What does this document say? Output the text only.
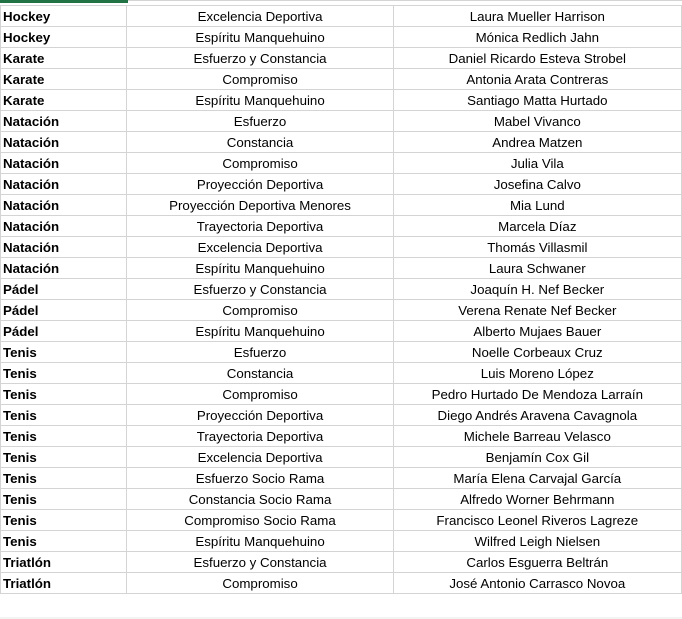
Hockey	Excelencia Deportiva	Laura Mueller Harrison
Hockey	Espíritu Manquehuino	Mónica Redlich Jahn
Karate	Esfuerzo y Constancia	Daniel Ricardo Esteva Strobel
Karate	Compromiso	Antonia Arata Contreras
Karate	Espíritu Manquehuino	Santiago Matta Hurtado
Natación	Esfuerzo	Mabel Vivanco
Natación	Constancia	Andrea Matzen
Natación	Compromiso	Julia Vila
Natación	Proyección Deportiva	Josefina Calvo
Natación	Proyección Deportiva Menores	Mia Lund
Natación	Trayectoria Deportiva	Marcela Díaz
Natación	Excelencia Deportiva	Thomás Villasmil
Natación	Espíritu Manquehuino	Laura Schwaner
Pádel	Esfuerzo y Constancia	Joaquín H. Nef Becker
Pádel	Compromiso	Verena Renate Nef Becker
Pádel	Espíritu Manquehuino	Alberto Mujaes Bauer
Tenis	Esfuerzo	Noelle Corbeaux Cruz
Tenis	Constancia	Luis Moreno López
Tenis	Compromiso	Pedro Hurtado De Mendoza Larraín
Tenis	Proyección Deportiva	Diego Andrés Aravena Cavagnola
Tenis	Trayectoria Deportiva	Michele Barreau Velasco
Tenis	Excelencia Deportiva	Benjamín Cox Gil
Tenis	Esfuerzo Socio Rama	María Elena Carvajal García
Tenis	Constancia Socio Rama	Alfredo Worner Behrmann
Tenis	Compromiso Socio Rama	Francisco Leonel Riveros Lagreze
Tenis	Espíritu Manquehuino	Wilfred Leigh Nielsen
Triatlón	Esfuerzo y Constancia	Carlos Esguerra Beltrán
Triatlón	Compromiso	José Antonio Carrasco Novoa
